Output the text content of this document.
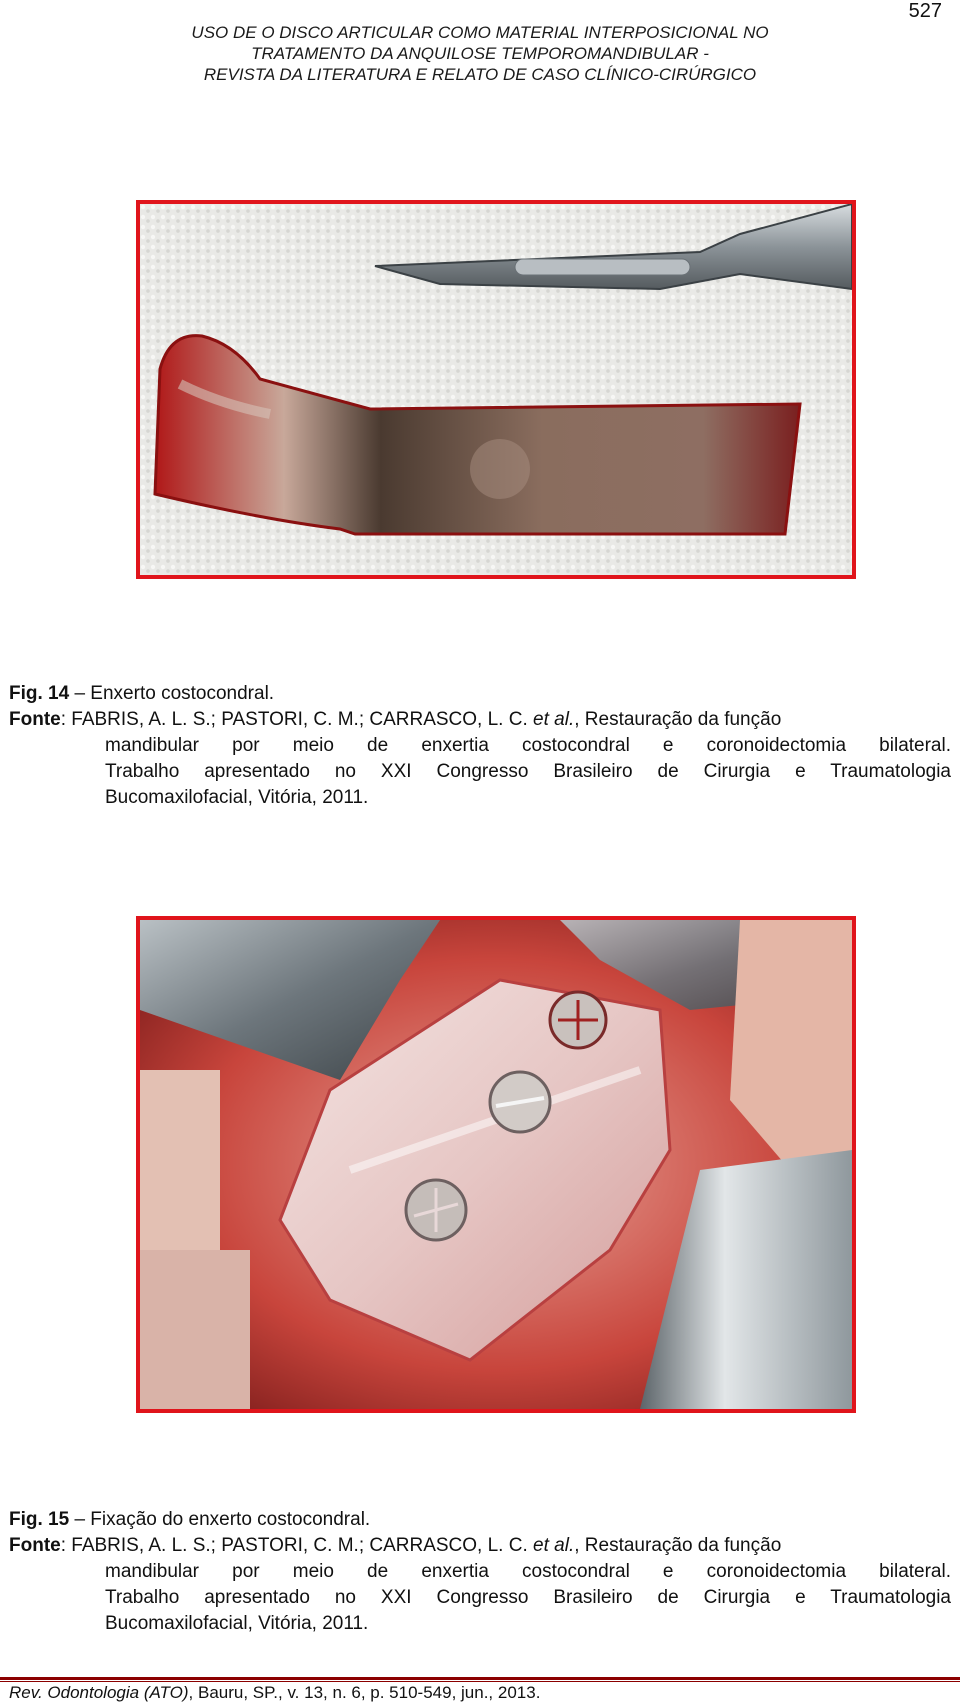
527
USO DE O DISCO ARTICULAR COMO MATERIAL INTERPOSICIONAL NO
TRATAMENTO DA ANQUILOSE TEMPOROMANDIBULAR -
REVISTA DA LITERATURA E RELATO DE CASO CLÍNICO-CIRÚRGICO
Fig. 14 – Enxerto costocondral.
Fonte: FABRIS, A. L. S.; PASTORI, C. M.; CARRASCO, L. C. et al., Restauração da função
mandibular por meio de enxertia costocondral e coronoidectomia bilateral.
Trabalho apresentado no XXI Congresso Brasileiro de Cirurgia e Traumatologia
Bucomaxilofacial, Vitória, 2011.
Fig. 15 – Fixação do enxerto costocondral.
Fonte: FABRIS, A. L. S.; PASTORI, C. M.; CARRASCO, L. C. et al., Restauração da função
mandibular por meio de enxertia costocondral e coronoidectomia bilateral.
Trabalho apresentado no XXI Congresso Brasileiro de Cirurgia e Traumatologia
Bucomaxilofacial, Vitória, 2011.
Rev. Odontologia (ATO), Bauru, SP., v. 13, n. 6, p. 510-549, jun., 2013.
